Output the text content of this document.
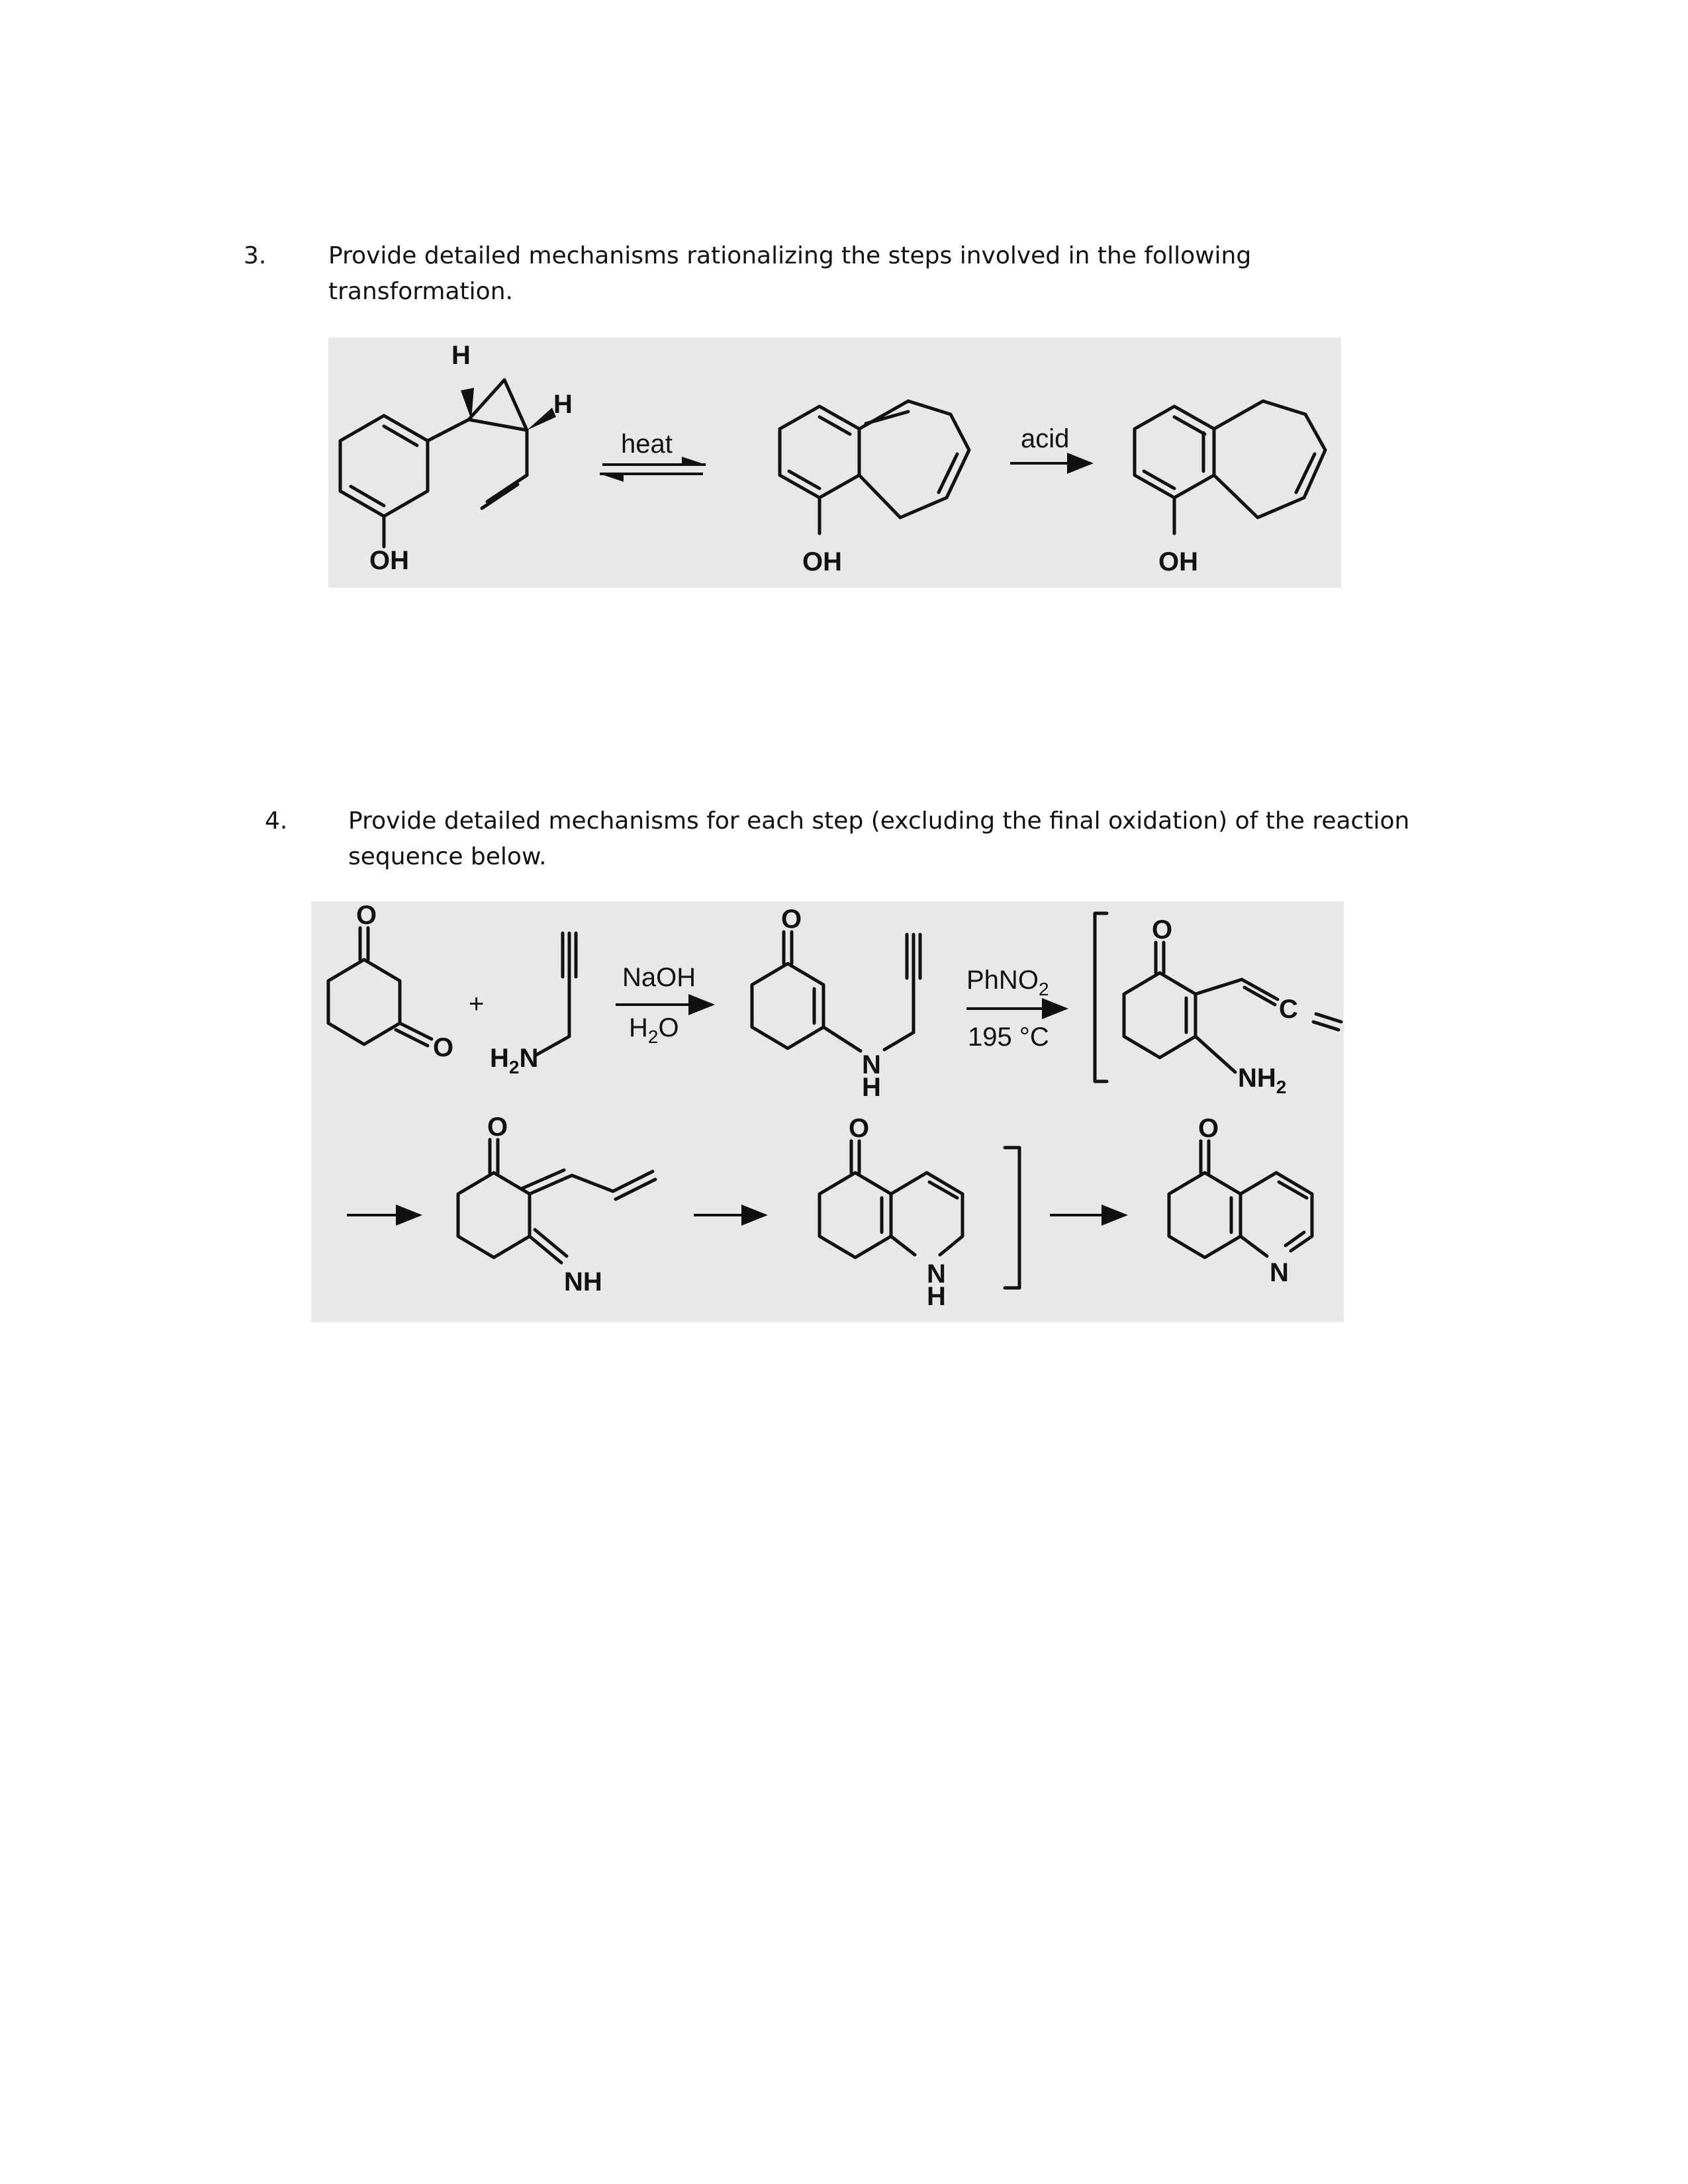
3.	Provide detailed mechanisms rationalizing the steps involved in the following
transformation.
4.	Provide detailed mechanisms for each step (excluding the final oxidation) of the reaction
sequence below.
H
H
OH
heat
OH
acid
OH
O
O
+
$H_2N$
NaOH
$H_2O$
O
N
H
PhNO$_2$
195 °C
O
C
$NH_2$
O
NH
O
N
H
O
N
